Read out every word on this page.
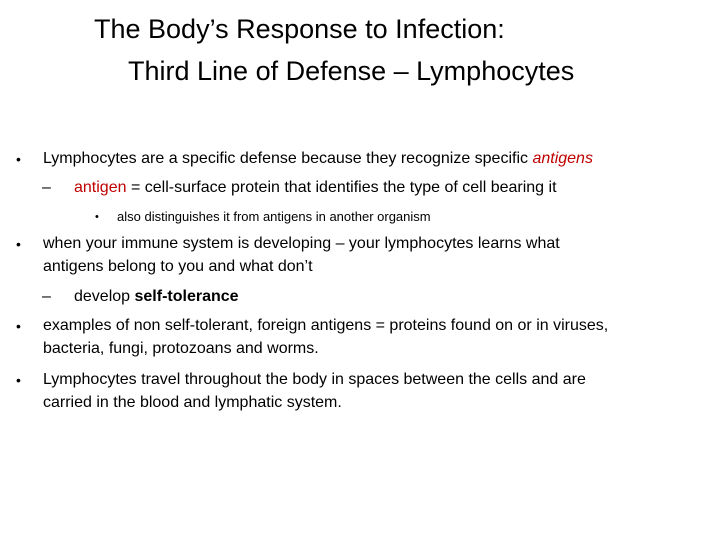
The Body’s Response to Infection:
Third Line of Defense – Lymphocytes
• Lymphocytes are a specific defense because they recognize specific antigens
– antigen = cell-surface protein that identifies the type of cell bearing it
• also distinguishes it from antigens in another organism
• when your immune system is developing – your lymphocytes learns what
antigens belong to you and what don’t
– develop self-tolerance
• examples of non self-tolerant, foreign antigens = proteins found on or in viruses,
bacteria, fungi, protozoans and worms.
• Lymphocytes travel throughout the body in spaces between the cells and are
carried in the blood and lymphatic system.
